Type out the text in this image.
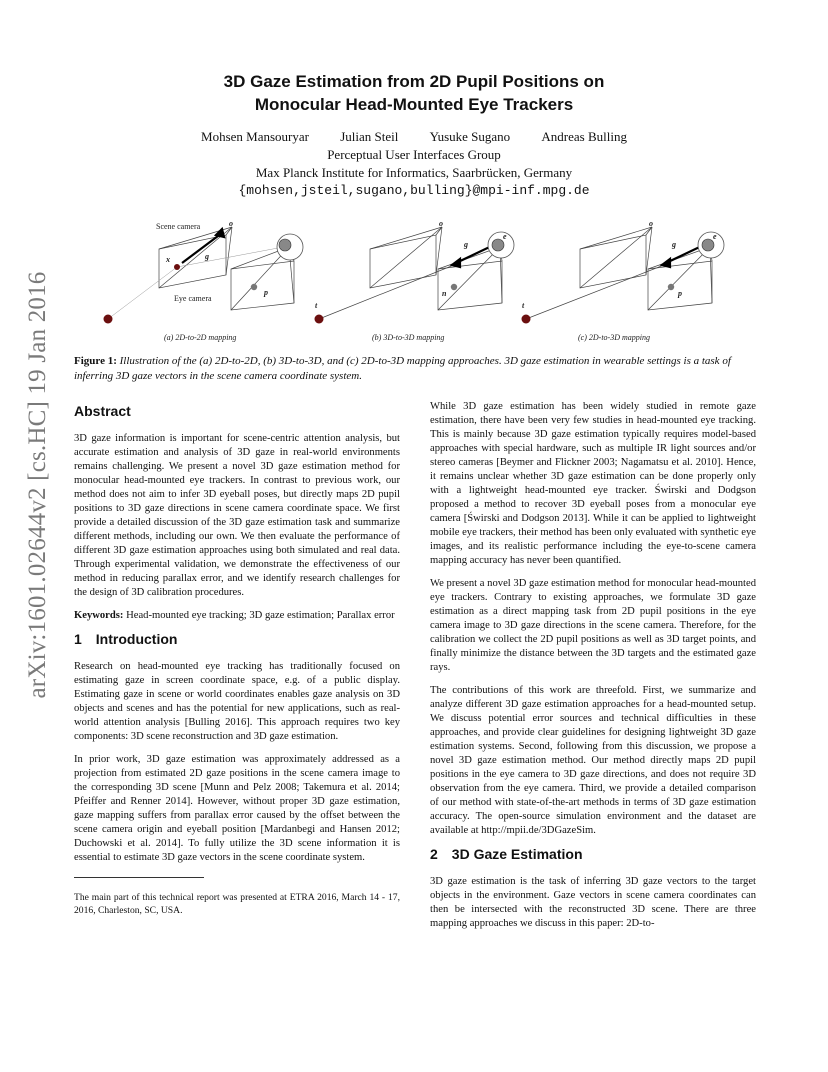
arXiv:1601.02644v2 [cs.HC] 19 Jan 2016
3D Gaze Estimation from 2D Pupil Positions on
Monocular Head-Mounted Eye Trackers
Mohsen Mansouryar Julian Steil Yusuke Sugano Andreas Bulling
Perceptual User Interfaces Group
Max Planck Institute for Informatics, Saarbrücken, Germany
{mohsen,jsteil,sugano,bulling}@mpi-inf.mpg.de
Scene camera
Eye camera
o
g
x
p
o
g
e
n
t
o
g
e
p
t
(a) 2D-to-2D mapping	(b) 3D-to-3D mapping	(c) 2D-to-3D mapping
Figure 1: Illustration of the (a) 2D-to-2D, (b) 3D-to-3D, and (c) 2D-to-3D mapping approaches. 3D gaze estimation in wearable settings is a task of inferring 3D gaze vectors in the scene camera coordinate system.
Abstract

3D gaze information is important for scene-centric attention analysis, but accurate estimation and analysis of 3D gaze in real-world environments remains challenging. We present a novel 3D gaze estimation method for monocular head-mounted eye trackers. In contrast to previous work, our method does not aim to infer 3D eyeball poses, but directly maps 2D pupil positions to 3D gaze directions in scene camera coordinate space. We first provide a detailed discussion of the 3D gaze estimation task and summarize different methods, including our own. We then evaluate the performance of different 3D gaze estimation approaches using both simulated and real data. Through experimental validation, we demonstrate the effectiveness of our method in reducing parallax error, and we identify research challenges for the design of 3D calibration procedures.

Keywords: Head-mounted eye tracking; 3D gaze estimation; Parallax error

1 Introduction

Research on head-mounted eye tracking has traditionally focused on estimating gaze in screen coordinate space, e.g. of a public display. Estimating gaze in scene or world coordinates enables gaze analysis on 3D objects and scenes and has the potential for new applications, such as real-world attention analysis [Bulling 2016]. This approach requires two key components: 3D scene reconstruction and 3D gaze estimation.

In prior work, 3D gaze estimation was approximately addressed as a projection from estimated 2D gaze positions in the scene camera image to the corresponding 3D scene [Munn and Pelz 2008; Takemura et al. 2014; Pfeiffer and Renner 2014]. However, without proper 3D gaze estimation, gaze mapping suffers from parallax error caused by the offset between the scene camera origin and eyeball position [Mardanbegi and Hansen 2012; Duchowski et al. 2014]. To fully utilize the 3D scene information it is essential to estimate 3D gaze vectors in the scene coordinate system.

The main part of this technical report was presented at ETRA 2016, March 14 - 17, 2016, Charleston, SC, USA.

While 3D gaze estimation has been widely studied in remote gaze estimation, there have been very few studies in head-mounted eye tracking. This is mainly because 3D gaze estimation typically requires model-based approaches with special hardware, such as multiple IR light sources and/or stereo cameras [Beymer and Flickner 2003; Nagamatsu et al. 2010]. Hence, it remains unclear whether 3D gaze estimation can be done properly only with a lightweight head-mounted eye tracker. Świrski and Dodgson proposed a method to recover 3D eyeball poses from a monocular eye camera [Świrski and Dodgson 2013]. While it can be applied to lightweight mobile eye trackers, their method has been only evaluated with synthetic eye images, and its realistic performance including the eye-to-scene camera mapping accuracy has never been quantified.

We present a novel 3D gaze estimation method for monocular head-mounted eye trackers. Contrary to existing approaches, we formulate 3D gaze estimation as a direct mapping task from 2D pupil positions in the eye camera image to 3D gaze directions in the scene camera. Therefore, for the calibration we collect the 2D pupil positions as well as 3D target points, and finally minimize the distance between the 3D targets and the estimated gaze rays.

The contributions of this work are threefold. First, we summarize and analyze different 3D gaze estimation approaches for a head-mounted setup. We discuss potential error sources and technical difficulties in these approaches, and provide clear guidelines for designing lightweight 3D gaze estimation systems. Second, following from this discussion, we propose a novel 3D gaze estimation method. Our method directly maps 2D pupil positions in the eye camera to 3D gaze directions, and does not require 3D observation from the eye camera. Third, we provide a detailed comparison of our method with state-of-the-art methods in terms of 3D gaze estimation accuracy. The open-source simulation environment and the dataset are available at http://mpii.de/3DGazeSim.

2 3D Gaze Estimation

3D gaze estimation is the task of inferring 3D gaze vectors to the target objects in the environment. Gaze vectors in scene camera coordinates can then be intersected with the reconstructed 3D scene. There are three mapping approaches we discuss in this paper: 2D-to-
